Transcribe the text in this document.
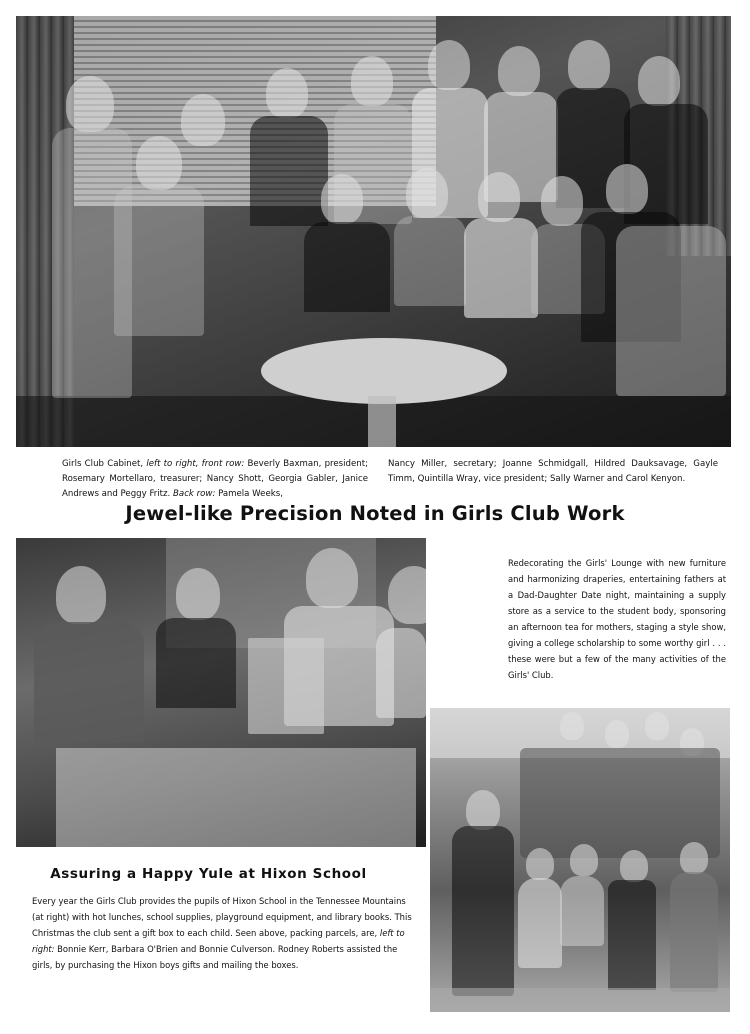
Girls Club Cabinet, left to right, front row: Beverly Baxman, president; Rosemary Mortellaro, treasurer; Nancy Shott, Georgia Gabler, Janice Andrews and Peggy Fritz. Back row: Pamela Weeks,
Nancy Miller, secretary; Joanne Schmidgall, Hildred Dauksavage, Gayle Timm, Quintilla Wray, vice president; Sally Warner and Carol Kenyon.
Jewel-like Precision Noted in Girls Club Work
Redecorating the Girls' Lounge with new furniture and harmonizing draperies, entertaining fathers at a Dad-Daughter Date night, maintaining a supply store as a service to the student body, sponsoring an afternoon tea for mothers, staging a style show, giving a college scholarship to some worthy girl . . . these were but a few of the many activities of the Girls' Club.
Assuring a Happy Yule at Hixon School
Every year the Girls Club provides the pupils of Hixon School in the Tennessee Mountains (at right) with hot lunches, school supplies, playground equipment, and library books. This Christmas the club sent a gift box to each child. Seen above, packing parcels, are, left to right: Bonnie Kerr, Barbara O'Brien and Bonnie Culverson. Rodney Roberts assisted the girls, by purchasing the Hixon boys gifts and mailing the boxes.
